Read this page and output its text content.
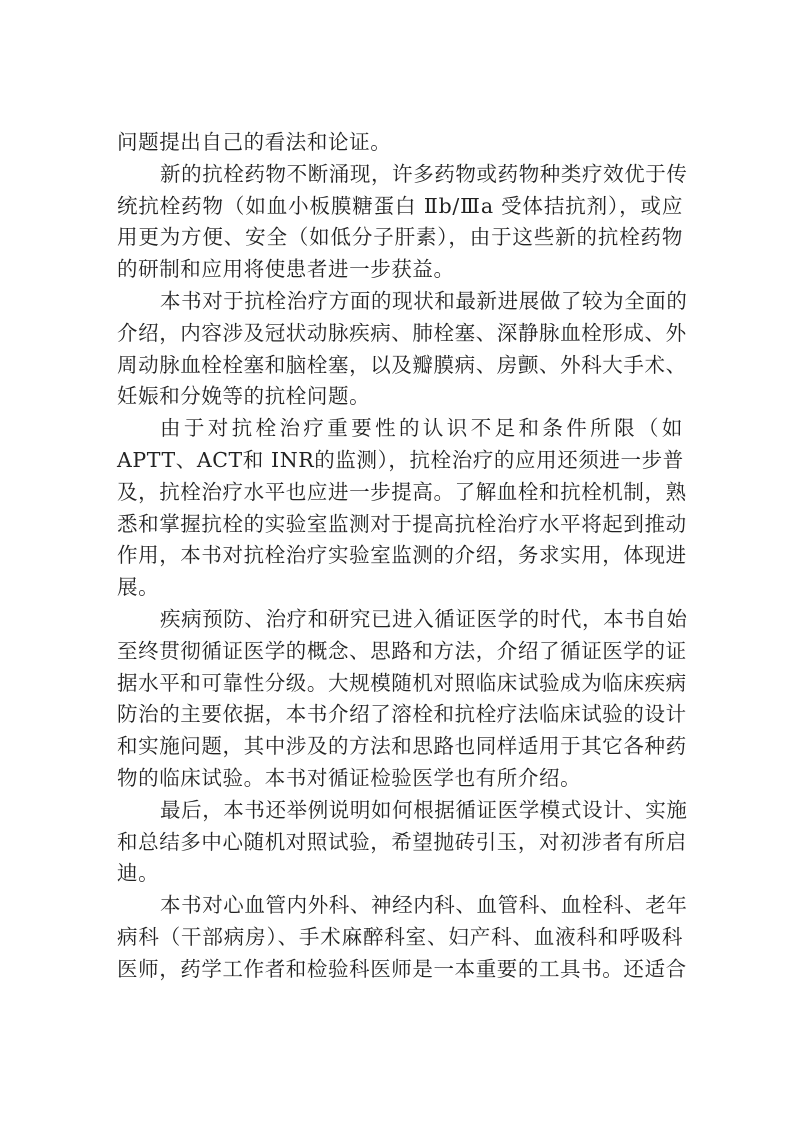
问题提出自己的看法和论证。
新的抗栓药物不断涌现，许多药物或药物种类疗效优于传
统抗栓药物（如血小板膜糖蛋白 Ⅱb/Ⅲa 受体拮抗剂），或应
用更为方便、安全（如低分子肝素），由于这些新的抗栓药物
的研制和应用将使患者进一步获益。
本书对于抗栓治疗方面的现状和最新进展做了较为全面的
介绍，内容涉及冠状动脉疾病、肺栓塞、深静脉血栓形成、外
周动脉血栓栓塞和脑栓塞，以及瓣膜病、房颤、外科大手术、
妊娠和分娩等的抗栓问题。
由于对抗栓治疗重要性的认识不足和条件所限（如
APTT、ACT和 INR的监测），抗栓治疗的应用还须进一步普
及，抗栓治疗水平也应进一步提高。了解血栓和抗栓机制，熟
悉和掌握抗栓的实验室监测对于提高抗栓治疗水平将起到推动
作用，本书对抗栓治疗实验室监测的介绍，务求实用，体现进
展。
疾病预防、治疗和研究已进入循证医学的时代，本书自始
至终贯彻循证医学的概念、思路和方法，介绍了循证医学的证
据水平和可靠性分级。大规模随机对照临床试验成为临床疾病
防治的主要依据，本书介绍了溶栓和抗栓疗法临床试验的设计
和实施问题，其中涉及的方法和思路也同样适用于其它各种药
物的临床试验。本书对循证检验医学也有所介绍。
最后，本书还举例说明如何根据循证医学模式设计、实施
和总结多中心随机对照试验，希望抛砖引玉，对初涉者有所启
迪。
本书对心血管内外科、神经内科、血管科、血栓科、老年
病科（干部病房）、手术麻醉科室、妇产科、血液科和呼吸科
医师，药学工作者和检验科医师是一本重要的工具书。还适合
